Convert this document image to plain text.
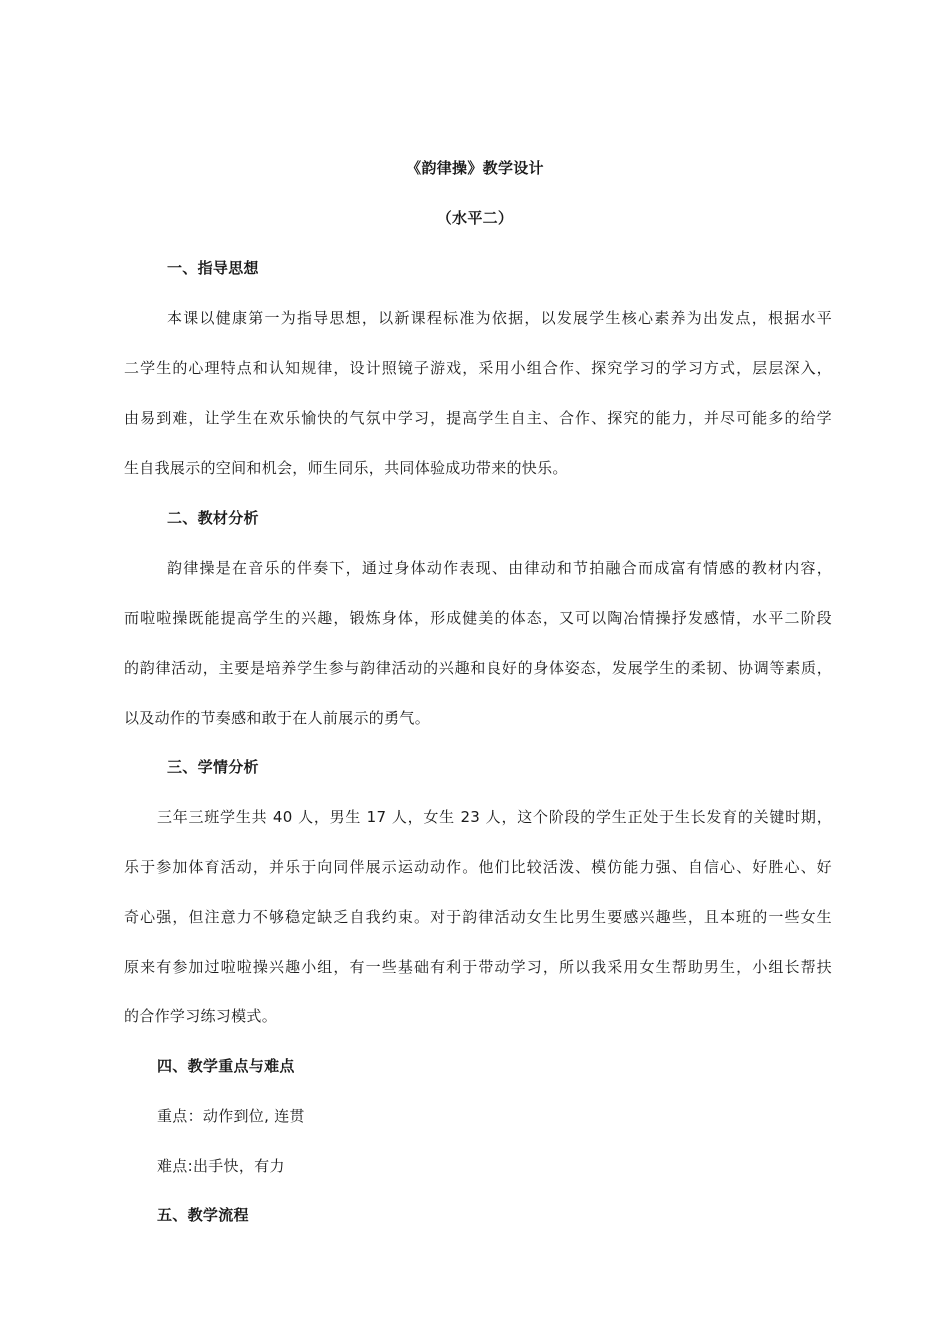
《韵律操》教学设计
（水平二）
一、指导思想
本课以健康第一为指导思想，以新课程标准为依据，以发展学生核心素养为出发点，根据水平
二学生的心理特点和认知规律，设计照镜子游戏，采用小组合作、探究学习的学习方式，层层深入，
由易到难，让学生在欢乐愉快的气氛中学习，提高学生自主、合作、探究的能力，并尽可能多的给学
生自我展示的空间和机会，师生同乐，共同体验成功带来的快乐。
二、教材分析
韵律操是在音乐的伴奏下，通过身体动作表现、由律动和节拍融合而成富有情感的教材内容，
而啦啦操既能提高学生的兴趣，锻炼身体，形成健美的体态，又可以陶冶情操抒发感情，水平二阶段
的韵律活动，主要是培养学生参与韵律活动的兴趣和良好的身体姿态，发展学生的柔韧、协调等素质，
以及动作的节奏感和敢于在人前展示的勇气。
三、学情分析
三年三班学生共 40 人，男生 17 人，女生 23 人，这个阶段的学生正处于生长发育的关键时期，
乐于参加体育活动，并乐于向同伴展示运动动作。他们比较活泼、模仿能力强、自信心、好胜心、好
奇心强，但注意力不够稳定缺乏自我约束。对于韵律活动女生比男生要感兴趣些，且本班的一些女生
原来有参加过啦啦操兴趣小组，有一些基础有利于带动学习，所以我采用女生帮助男生，小组长帮扶
的合作学习练习模式。
四、教学重点与难点
重点：动作到位, 连贯
难点:出手快，有力
五、教学流程
